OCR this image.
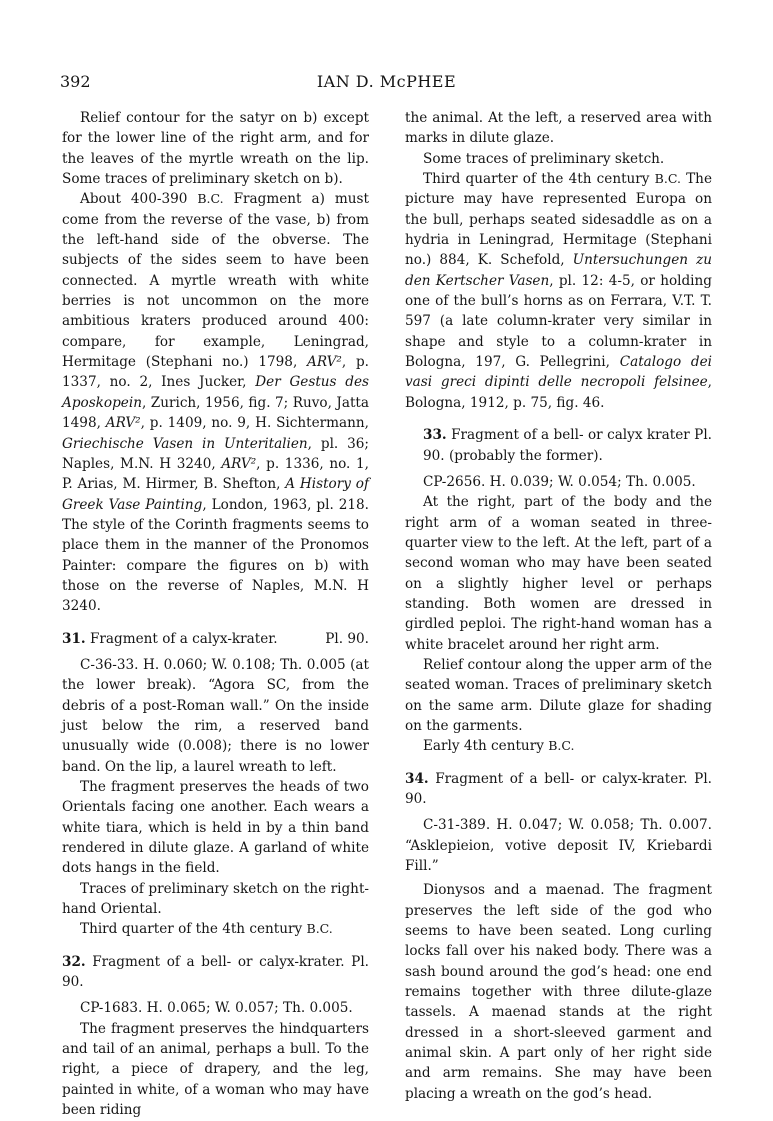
392	IAN D. McPHEE

Relief contour for the satyr on b) except for the lower line of the right arm, and for the leaves of the myrtle wreath on the lip. Some traces of preliminary sketch on b).

About 400-390 B.C. Fragment a) must come from the reverse of the vase, b) from the left-hand side of the obverse. The subjects of the sides seem to have been connected. A myrtle wreath with white berries is not uncommon on the more ambitious kraters produced around 400: compare, for example, Leningrad, Hermitage (Stephani no.) 1798, ARV², p. 1337, no. 2, Ines Jucker, Der Gestus des Aposkopein, Zurich, 1956, fig. 7; Ruvo, Jatta 1498, ARV², p. 1409, no. 9, H. Sichtermann, Griechische Vasen in Unteritalien, pl. 36; Naples, M.N. H 3240, ARV², p. 1336, no. 1, P. Arias, M. Hirmer, B. Shefton, A History of Greek Vase Painting, London, 1963, pl. 218. The style of the Corinth fragments seems to place them in the manner of the Pronomos Painter: compare the figures on b) with those on the reverse of Naples, M.N. H 3240.

31. Fragment of a calyx-krater.	Pl. 90.

C-36-33. H. 0.060; W. 0.108; Th. 0.005 (at the lower break). “Agora SC, from the debris of a post-Roman wall.” On the inside just below the rim, a reserved band unusually wide (0.008); there is no lower band. On the lip, a laurel wreath to left.

The fragment preserves the heads of two Orientals facing one another. Each wears a white tiara, which is held in by a thin band rendered in dilute glaze. A garland of white dots hangs in the field.

Traces of preliminary sketch on the right-hand Oriental.

Third quarter of the 4th century B.C.

32. Fragment of a bell- or calyx-krater. Pl. 90.

CP-1683. H. 0.065; W. 0.057; Th. 0.005.

The fragment preserves the hindquarters and tail of an animal, perhaps a bull. To the right, a piece of drapery, and the leg, painted in white, of a woman who may have been riding

the animal. At the left, a reserved area with marks in dilute glaze.

Some traces of preliminary sketch.

Third quarter of the 4th century B.C. The picture may have represented Europa on the bull, perhaps seated sidesaddle as on a hydria in Leningrad, Hermitage (Stephani no.) 884, K. Schefold, Untersuchungen zu den Kertscher Vasen, pl. 12: 4-5, or holding one of the bull’s horns as on Ferrara, V.T. T. 597 (a late column-krater very similar in shape and style to a column-krater in Bologna, 197, G. Pellegrini, Catalogo dei vasi greci dipinti delle necropoli felsinee, Bologna, 1912, p. 75, fig. 46.

33. Fragment of a bell- or calyx krater Pl. 90. (probably the former).

CP-2656. H. 0.039; W. 0.054; Th. 0.005.

At the right, part of the body and the right arm of a woman seated in three-quarter view to the left. At the left, part of a second woman who may have been seated on a slightly higher level or perhaps standing. Both women are dressed in girdled peploi. The right-hand woman has a white bracelet around her right arm.

Relief contour along the upper arm of the seated woman. Traces of preliminary sketch on the same arm. Dilute glaze for shading on the garments.

Early 4th century B.C.

34. Fragment of a bell- or calyx-krater. Pl. 90.

C-31-389. H. 0.047; W. 0.058; Th. 0.007. “Asklepieion, votive deposit IV, Kriebardi Fill.”

Dionysos and a maenad. The fragment preserves the left side of the god who seems to have been seated. Long curling locks fall over his naked body. There was a sash bound around the god’s head: one end remains together with three dilute-glaze tassels. A maenad stands at the right dressed in a short-sleeved garment and animal skin. A part only of her right side and arm remains. She may have been placing a wreath on the god’s head.
